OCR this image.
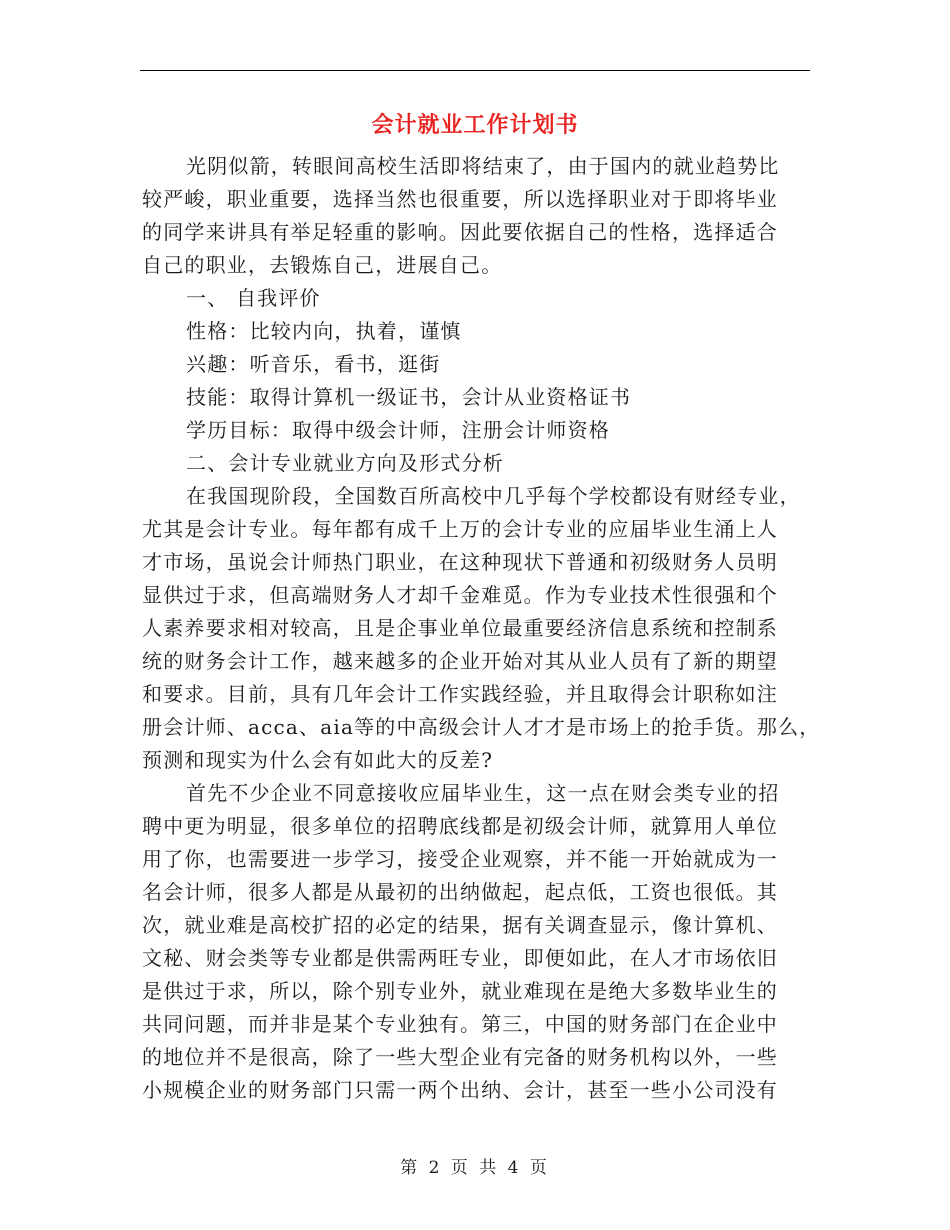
会计就业工作计划书
光阴似箭，转眼间高校生活即将结束了，由于国内的就业趋势比
较严峻，职业重要，选择当然也很重要，所以选择职业对于即将毕业
的同学来讲具有举足轻重的影响。因此要依据自己的性格，选择适合
自己的职业，去锻炼自己，进展自己。
一、 自我评价
性格：比较内向，执着，谨慎
兴趣：听音乐，看书，逛街
技能：取得计算机一级证书，会计从业资格证书
学历目标：取得中级会计师，注册会计师资格
二、会计专业就业方向及形式分析
在我国现阶段，全国数百所高校中几乎每个学校都设有财经专业，
尤其是会计专业。每年都有成千上万的会计专业的应届毕业生涌上人
才市场，虽说会计师热门职业，在这种现状下普通和初级财务人员明
显供过于求，但高端财务人才却千金难觅。作为专业技术性很强和个
人素养要求相对较高，且是企事业单位最重要经济信息系统和控制系
统的财务会计工作，越来越多的企业开始对其从业人员有了新的期望
和要求。目前，具有几年会计工作实践经验，并且取得会计职称如注
册会计师、acca、aia等的中高级会计人才才是市场上的抢手货。那么，
预测和现实为什么会有如此大的反差?
首先不少企业不同意接收应届毕业生，这一点在财会类专业的招
聘中更为明显，很多单位的招聘底线都是初级会计师，就算用人单位
用了你，也需要进一步学习，接受企业观察，并不能一开始就成为一
名会计师，很多人都是从最初的出纳做起，起点低，工资也很低。其
次，就业难是高校扩招的必定的结果，据有关调查显示，像计算机、
文秘、财会类等专业都是供需两旺专业，即便如此，在人才市场依旧
是供过于求，所以，除个别专业外，就业难现在是绝大多数毕业生的
共同问题，而并非是某个专业独有。第三，中国的财务部门在企业中
的地位并不是很高，除了一些大型企业有完备的财务机构以外，一些
小规模企业的财务部门只需一两个出纳、会计，甚至一些小公司没有
第 2 页 共 4 页
